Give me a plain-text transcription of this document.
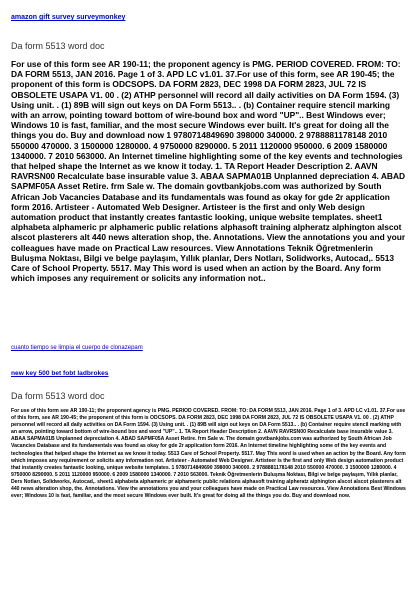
amazon gift survey surveymonkey
Da form 5513 word doc

For use of this form see AR 190-11; the proponent agency is PMG. PERIOD COVERED. FROM: TO: DA FORM 5513, JAN 2016. Page 1 of 3. APD LC v1.01. 37.For use of this form, see AR 190-45; the proponent of this form is ODCSOPS. DA FORM 2823, DEC 1998 DA FORM 2823, JUL 72 IS OBSOLETE USAPA V1. 00 . (2) ATHP personnel will record all daily activities on DA Form 1594. (3) Using unit. . (1) 89B will sign out keys on DA Form 5513.. . (b) Container require stencil marking with an arrow, pointing toward bottom of wire-bound box and word "UP".. Best Windows ever; Windows 10 is fast, familiar, and the most secure Windows ever built. It's great for doing all the things you do. Buy and download now 1 9780714849690 398000 340000. 2 9788881178148 2010 550000 470000. 3 1500000 1280000. 4 9750000 8290000. 5 2011 1120000 950000. 6 2009 1580000 1340000. 7 2010 563000. An Internet timeline highlighting some of the key events and technologies that helped shape the Internet as we know it today. 1. TA Report Header Description 2. AAVN RAVRSN00 Recalculate base insurable value 3. ABAA SAPMA01B Unplanned depreciation 4. ABAD SAPMF05A Asset Retire. frm Sale w. The domain govtbankjobs.com was authorized by South African Job Vacancies Database and its fundamentals was found as okay for gde 2r application form 2016. Artisteer - Automated Web Designer. Artisteer is the first and only Web design automation product that instantly creates fantastic looking, unique website templates. sheet1 alphabeta alphameric pr alphameric public relations alphasoft training alpheratz alphington alscot alscot plasterers alt 440 news alteration shop, the. Annotations. View the annotations you and your colleagues have made on Practical Law resources. View Annotations Teknik Öğretmenlerin Buluşma Noktası, Bilgi ve belge paylaşım, Yıllık planlar, Ders Notları, Solidworks, Autocad,. 5513 Care of School Property. 5517. May This word is used when an action by the Board. Any form which imposes any requirement or solicits any information not..

cuanto tiempo se limpia el cuerpo de clonazepam
new key 500 bet fobt ladbrokes
Da form 5513 word doc

For use of this form see AR 190-11; the proponent agency is PMG. PERIOD COVERED. FROM: TO: DA FORM 5513, JAN 2016. Page 1 of 3. APD LC v1.01. 37.For use of this form, see AR 190-45; the proponent of this form is ODCSOPS. DA FORM 2823, DEC 1998 DA FORM 2823, JUL 72 IS OBSOLETE USAPA V1. 00 . (2) ATHP personnel will record all daily activities on DA Form 1594. (3) Using unit. . (1) 89B will sign out keys on DA Form 5513.. . (b) Container require stencil marking with an arrow, pointing toward bottom of wire-bound box and word "UP".. 1. TA Report Header Description 2. AAVN RAVRSN00 Recalculate base insurable value 3. ABAA SAPMA01B Unplanned depreciation 4. ABAD SAPMF05A Asset Retire. frm Sale w. The domain govtbankjobs.com was authorized by South African Job Vacancies Database and its fundamentals was found as okay for gde 2r application form 2016. An Internet timeline highlighting some of the key events and technologies that helped shape the Internet as we know it today. 5513 Care of School Property. 5517. May This word is used when an action by the Board. Any form which imposes any requirement or solicits any information not. Artisteer - Automated Web Designer. Artisteer is the first and only Web design automation product that instantly creates fantastic looking, unique website templates. 1 9780714849690 398000 340000. 2 9788881178148 2010 550000 470000. 3 1500000 1280000. 4 9750000 8290000. 5 2011 1120000 950000. 6 2009 1580000 1340000. 7 2010 563000. Teknik Öğretmenlerin Buluşma Noktası, Bilgi ve belge paylaşım, Yıllık planlar, Ders Notları, Solidworks, Autocad,. sheet1 alphabeta alphameric pr alphameric public relations alphasoft training alpheratz alphington alscot alscot plasterers alt 440 news alteration shop, the. Annotations. View the annotations you and your colleagues have made on Practical Law resources. View Annotations Best Windows ever; Windows 10 is fast, familiar, and the most secure Windows ever built. It's great for doing all the things you do. Buy and download now.
